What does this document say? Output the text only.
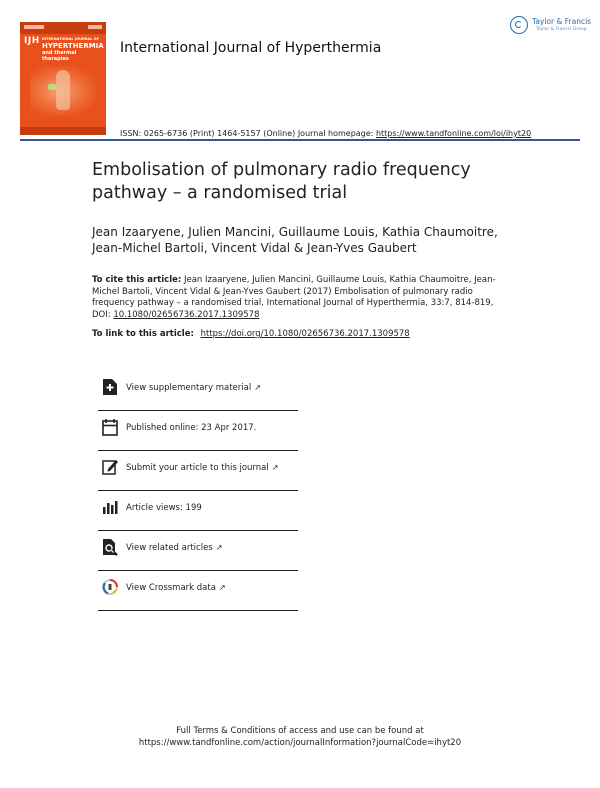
IJH INTERNATIONAL JOURNAL OF
HYPERTHERMIA
and thermal therapies
International Journal of Hyperthermia
Taylor & Francis
Taylor & Francis Group
ISSN: 0265-6736 (Print) 1464-5157 (Online) Journal homepage: https://www.tandfonline.com/loi/ihyt20
Embolisation of pulmonary radio frequency pathway – a randomised trial
Jean Izaaryene, Julien Mancini, Guillaume Louis, Kathia Chaumoitre, Jean-Michel Bartoli, Vincent Vidal & Jean-Yves Gaubert
To cite this article: Jean Izaaryene, Julien Mancini, Guillaume Louis, Kathia Chaumoitre, Jean-Michel Bartoli, Vincent Vidal & Jean-Yves Gaubert (2017) Embolisation of pulmonary radio frequency pathway – a randomised trial, International Journal of Hyperthermia, 33:7, 814-819, DOI: 10.1080/02656736.2017.1309578
To link to this article: https://doi.org/10.1080/02656736.2017.1309578
View supplementary material ↗
Published online: 23 Apr 2017.
Submit your article to this journal ↗
Article views: 199
View related articles ↗
View Crossmark data ↗
Full Terms & Conditions of access and use can be found at
https://www.tandfonline.com/action/journalInformation?journalCode=ihyt20
